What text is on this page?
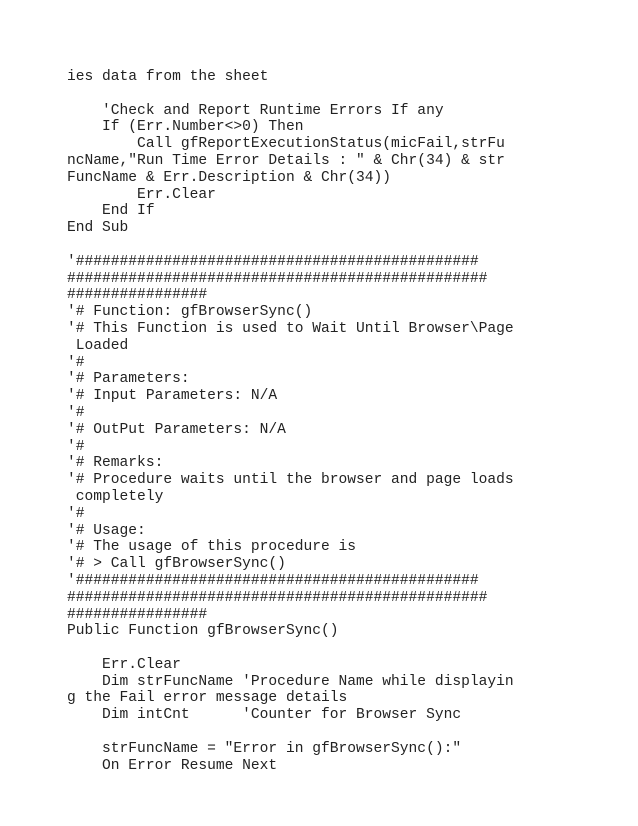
ies data from the sheet
'Check and Report Runtime Errors If any
If (Err.Number<>0) Then
Call gfReportExecutionStatus(micFail,strFu
ncName,"Run Time Error Details : " & Chr(34) & str
FuncName & Err.Description & Chr(34))
Err.Clear
End If
End Sub
'##############################################
################################################
################
'# Function: gfBrowserSync()
'# This Function is used to Wait Until Browser\Page
Loaded
'#
'# Parameters:
'# Input Parameters: N/A
'#
'# OutPut Parameters: N/A
'#
'# Remarks:
'# Procedure waits until the browser and page loads
completely
'#
'# Usage:
'# The usage of this procedure is
'# > Call gfBrowserSync()
'##############################################
################################################
################
Public Function gfBrowserSync()
Err.Clear
Dim strFuncName 'Procedure Name while displayin
g the Fail error message details
Dim intCnt      'Counter for Browser Sync
strFuncName = "Error in gfBrowserSync():"
On Error Resume Next
